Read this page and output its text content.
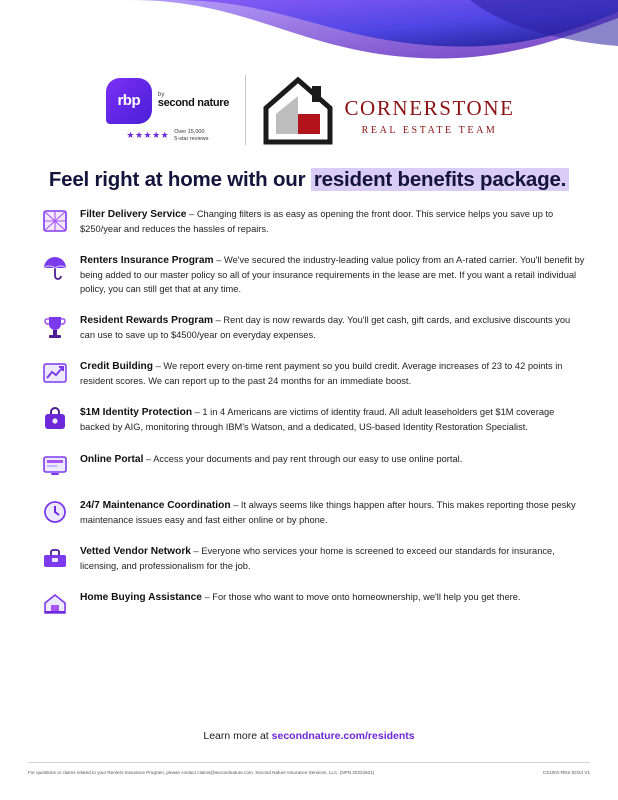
rbp	by
second nature
★★★★★ Over 15,000
5-star reviews
CORNERSTONE
REAL ESTATE TEAM
Feel right at home with our resident benefits package.
Filter Delivery Service – Changing filters is as easy as opening the front door. This service helps you save up to $250/year and reduces the hassles of repairs.
Renters Insurance Program – We've secured the industry-leading value policy from an A-rated carrier. You'll benefit by being added to our master policy so all of your insurance requirements in the lease are met. If you want a retail individual policy, you can still get that at any time.
Resident Rewards Program – Rent day is now rewards day. You'll get cash, gift cards, and exclusive discounts you can use to save up to $4500/year on everyday expenses.
Credit Building – We report every on-time rent payment so you build credit. Average increases of 23 to 42 points in resident scores. We can report up to the past 24 months for an immediate boost.
$1M Identity Protection – 1 in 4 Americans are victims of identity fraud. All adult leaseholders get $1M coverage backed by AIG, monitoring through IBM's Watson, and a dedicated, US-based Identity Restoration Specialist.
Online Portal – Access your documents and pay rent through our easy to use online portal.
24/7 Maintenance Coordination – It always seems like things happen after hours. This makes reporting those pesky maintenance issues easy and fast either online or by phone.
Vetted Vendor Network – Everyone who services your home is screened to exceed our standards for insurance, licensing, and professionalism for the job.
Home Buying Assistance – For those who want to move onto homeownership, we'll help you get there.
Learn more at secondnature.com/residents
For questions or claims related to your Renters Insurance Program, please contact claims@secondnature.com. Second Nature Insurance Services, LLC. (NPN 20224621)	CS1001-RES 02/24 V1
